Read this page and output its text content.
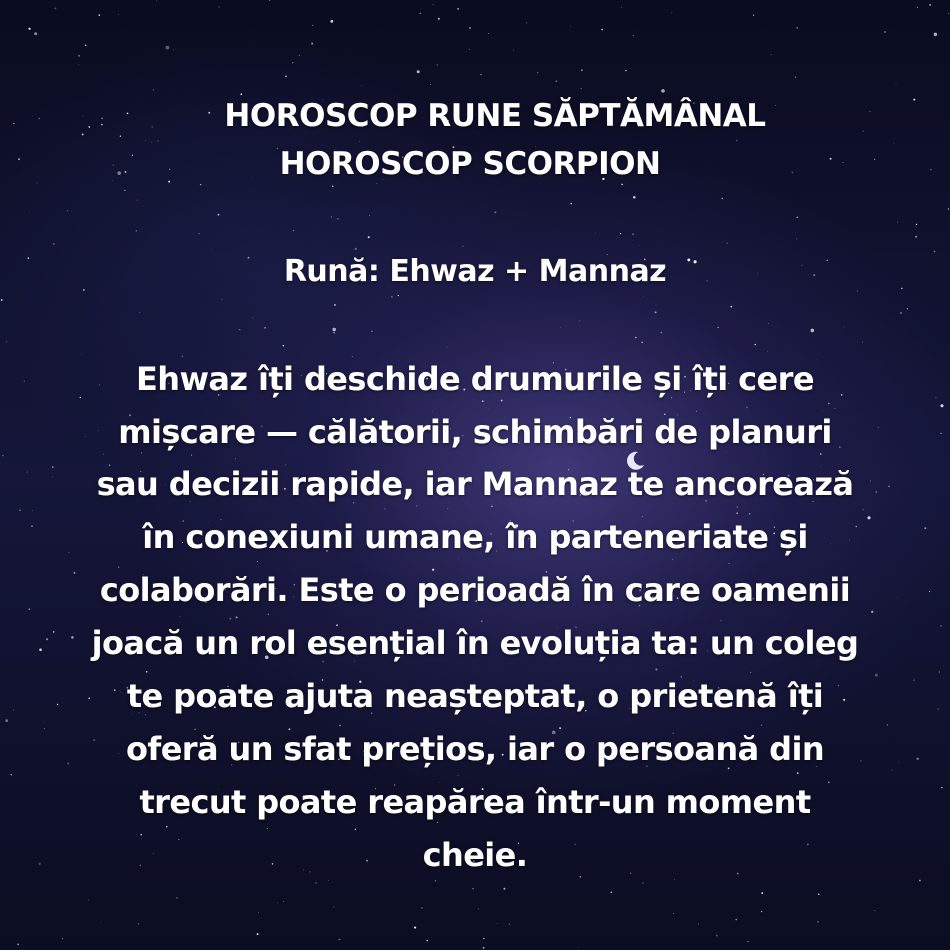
HOROSCOP RUNE SĂPTĂMÂNAL
HOROSCOP SCORPION
Rună: Ehwaz + Mannaz
Ehwaz îți deschide drumurile și îți cere
mișcare — călătorii, schimbări de planuri
sau decizii rapide, iar Mannaz te ancorează
în conexiuni umane, în parteneriate și
colaborări. Este o perioadă în care oamenii
joacă un rol esențial în evoluția ta: un coleg
te poate ajuta neașteptat, o prietenă îți
oferă un sfat prețios, iar o persoană din
trecut poate reapărea într-un moment
cheie.
